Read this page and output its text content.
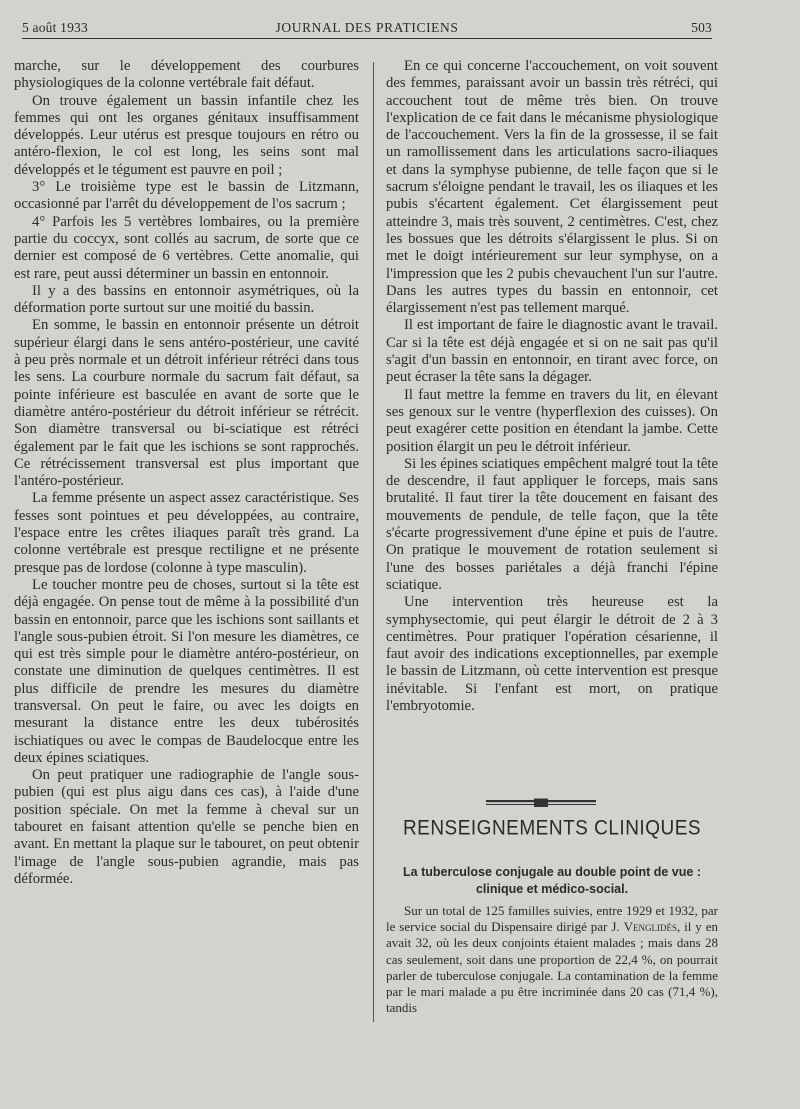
5 août 1933	JOURNAL DES PRATICIENS	503

marche, sur le développement des courbures physiologiques de la colonne vertébrale fait défaut.

On trouve également un bassin infantile chez les femmes qui ont les organes génitaux insuffisamment développés. Leur utérus est presque toujours en rétro ou antéro-flexion, le col est long, les seins sont mal développés et le tégument est pauvre en poil ;

3° Le troisième type est le bassin de Litzmann, occasionné par l'arrêt du développement de l'os sacrum ;

4° Parfois les 5 vertèbres lombaires, ou la première partie du coccyx, sont collés au sacrum, de sorte que ce dernier est composé de 6 vertèbres. Cette anomalie, qui est rare, peut aussi déterminer un bassin en entonnoir.

Il y a des bassins en entonnoir asymétriques, où la déformation porte surtout sur une moitié du bassin.

En somme, le bassin en entonnoir présente un détroit supérieur élargi dans le sens antéro-postérieur, une cavité à peu près normale et un détroit inférieur rétréci dans tous les sens. La courbure normale du sacrum fait défaut, sa pointe inférieure est basculée en avant de sorte que le diamètre antéro-postérieur du détroit inférieur se rétrécit. Son diamètre transversal ou bi-sciatique est rétréci également par le fait que les ischions se sont rapprochés. Ce rétrécissement transversal est plus important que l'antéro-postérieur.

La femme présente un aspect assez caractéristique. Ses fesses sont pointues et peu développées, au contraire, l'espace entre les crêtes iliaques paraît très grand. La colonne vertébrale est presque rectiligne et ne présente presque pas de lordose (colonne à type masculin).

Le toucher montre peu de choses, surtout si la tête est déjà engagée. On pense tout de même à la possibilité d'un bassin en entonnoir, parce que les ischions sont saillants et l'angle sous-pubien étroit. Si l'on mesure les diamètres, ce qui est très simple pour le diamètre antéro-postérieur, on constate une diminution de quelques centimètres. Il est plus difficile de prendre les mesures du diamètre transversal. On peut le faire, ou avec les doigts en mesurant la distance entre les deux tubérosités ischiatiques ou avec le compas de Baudelocque entre les deux épines sciatiques.

On peut pratiquer une radiographie de l'angle sous-pubien (qui est plus aigu dans ces cas), à l'aide d'une position spéciale. On met la femme à cheval sur un tabouret en faisant attention qu'elle se penche bien en avant. En mettant la plaque sur le tabouret, on peut obtenir l'image de l'angle sous-pubien agrandie, mais pas déformée.

En ce qui concerne l'accouchement, on voit souvent des femmes, paraissant avoir un bassin très rétréci, qui accouchent tout de même très bien. On trouve l'explication de ce fait dans le mécanisme physiologique de l'accouchement. Vers la fin de la grossesse, il se fait un ramollissement dans les articulations sacro-iliaques et dans la symphyse pubienne, de telle façon que si le sacrum s'éloigne pendant le travail, les os iliaques et les pubis s'écartent également. Cet élargissement peut atteindre 3, mais très souvent, 2 centimètres. C'est, chez les bossues que les détroits s'élargissent le plus. Si on met le doigt intérieurement sur leur symphyse, on a l'impression que les 2 pubis chevauchent l'un sur l'autre. Dans les autres types du bassin en entonnoir, cet élargissement n'est pas tellement marqué.

Il est important de faire le diagnostic avant le travail. Car si la tête est déjà engagée et si on ne sait pas qu'il s'agit d'un bassin en entonnoir, en tirant avec force, on peut écraser la tête sans la dégager.

Il faut mettre la femme en travers du lit, en élevant ses genoux sur le ventre (hyperflexion des cuisses). On peut exagérer cette position en étendant la jambe. Cette position élargit un peu le détroit inférieur.

Si les épines sciatiques empêchent malgré tout la tête de descendre, il faut appliquer le forceps, mais sans brutalité. Il faut tirer la tête doucement en faisant des mouvements de pendule, de telle façon, que la tête s'écarte progressivement d'une épine et puis de l'autre. On pratique le mouvement de rotation seulement si l'une des bosses pariétales a déjà franchi l'épine sciatique.

Une intervention très heureuse est la symphysectomie, qui peut élargir le détroit de 2 à 3 centimètres. Pour pratiquer l'opération césarienne, il faut avoir des indications exceptionnelles, par exemple le bassin de Litzmann, où cette intervention est presque inévitable. Si l'enfant est mort, on pratique l'embryotomie.

RENSEIGNEMENTS CLINIQUES
La tuberculose conjugale au double point de vue :
clinique et médico-social.

Sur un total de 125 familles suivies, entre 1929 et 1932, par le service social du Dispensaire dirigé par J. Venglidès, il y en avait 32, où les deux conjoints étaient malades ; mais dans 28 cas seulement, soit dans une proportion de 22,4 %, on pourrait parler de tuberculose conjugale. La contamination de la femme par le mari malade a pu être incriminée dans 20 cas (71,4 %), tandis
